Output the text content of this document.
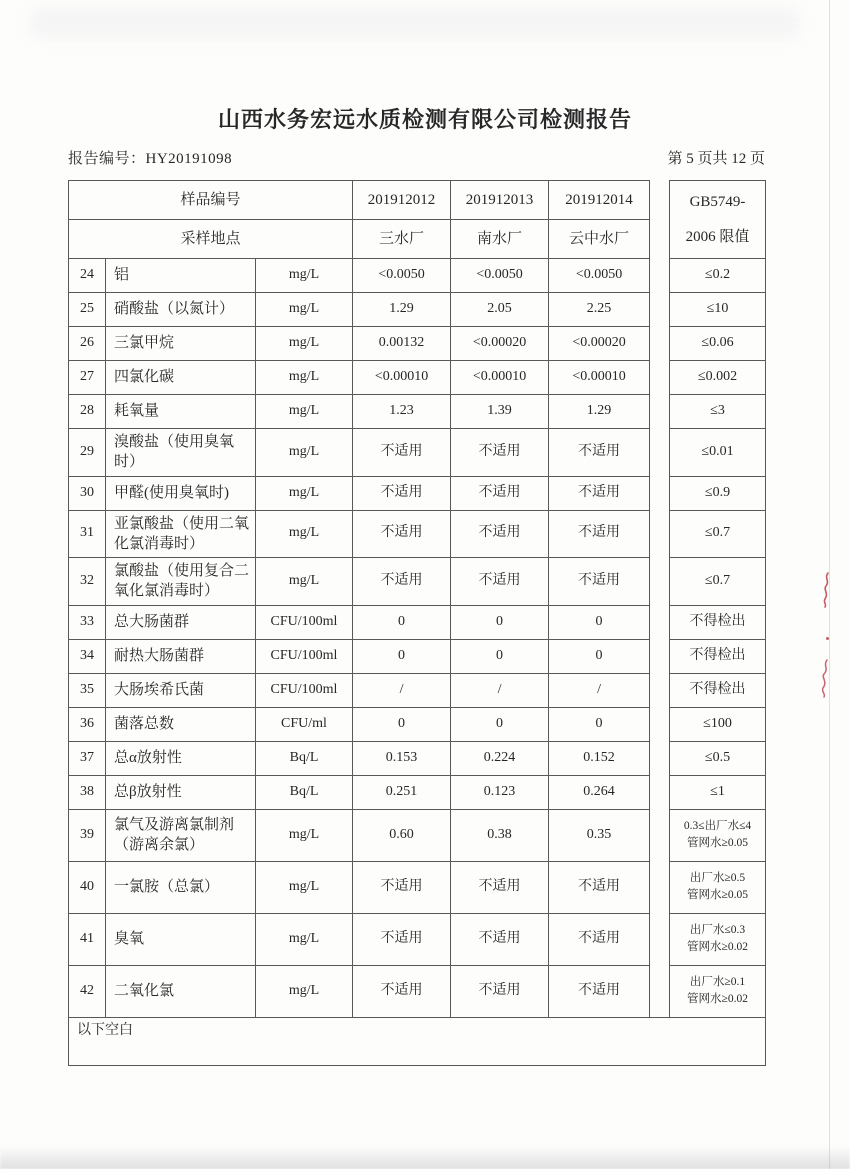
山西水务宏远水质检测有限公司检测报告
报告编号：HY20191098	第 5 页共 12 页
样品编号			201912012	201912013	201912014		GB5749-
2006 限值

采样地点			三水厂	南水厂	云中水厂		
24	铝	mg/L	<0.0050	<0.0050	<0.0050		≤0.2
25	硝酸盐（以氮计）	mg/L	1.29	2.05	2.25		≤10
26	三氯甲烷	mg/L	0.00132	<0.00020	<0.00020		≤0.06
27	四氯化碳	mg/L	<0.00010	<0.00010	<0.00010		≤0.002
28	耗氧量	mg/L	1.23	1.39	1.29		≤3
29	溴酸盐（使用臭氧时）	mg/L	不适用	不适用	不适用		≤0.01
30	甲醛(使用臭氧时)	mg/L	不适用	不适用	不适用		≤0.9
31	亚氯酸盐（使用二氧化氯消毒时）	mg/L	不适用	不适用	不适用		≤0.7
32	氯酸盐（使用复合二氧化氯消毒时）	mg/L	不适用	不适用	不适用		≤0.7
33	总大肠菌群	CFU/100ml	0	0	0		不得检出
34	耐热大肠菌群	CFU/100ml	0	0	0		不得检出
35	大肠埃希氏菌	CFU/100ml	/	/	/		不得检出
36	菌落总数	CFU/ml	0	0	0		≤100
37	总α放射性	Bq/L	0.153	0.224	0.152		≤0.5
38	总β放射性	Bq/L	0.251	0.123	0.264		≤1
39	氯气及游离氯制剂（游离余氯）	mg/L	0.60	0.38	0.35		0.3≤出厂水≤4
管网水≥0.05

40	一氯胺（总氯）	mg/L	不适用	不适用	不适用		出厂水≥0.5
管网水≥0.05

41	臭氧	mg/L	不适用	不适用	不适用		出厂水≤0.3
管网水≥0.02

42	二氧化氯	mg/L	不适用	不适用	不适用		出厂水≥0.1
管网水≥0.02

以下空白							
